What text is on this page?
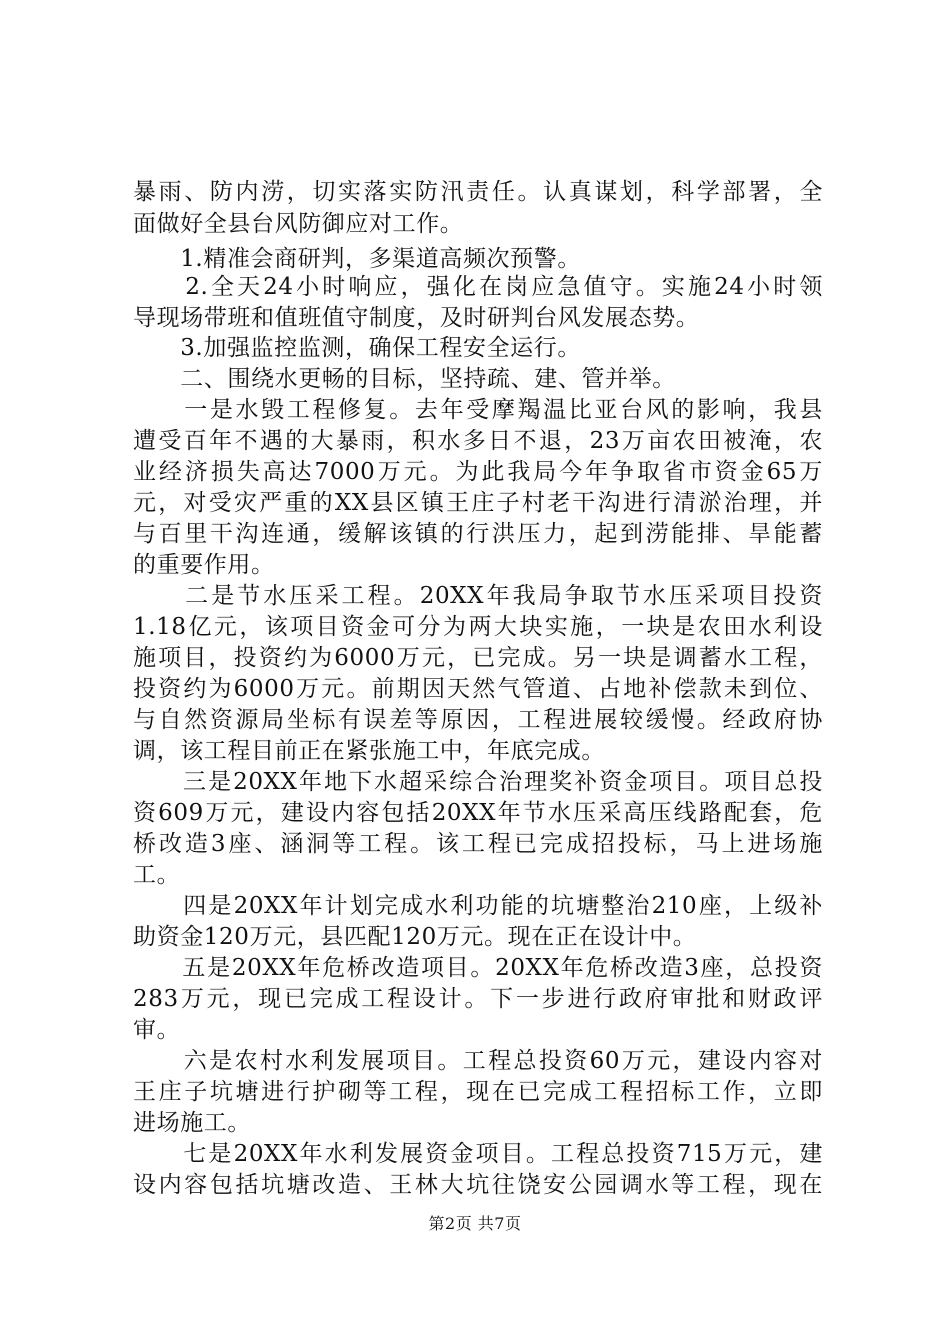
暴雨、防内涝，切实落实防汛责任。认真谋划，科学部署，全
面做好全县台风防御应对工作。
　　1.精准会商研判，多渠道高频次预警。
　　2.全天24小时响应，强化在岗应急值守。实施24小时领
导现场带班和值班值守制度，及时研判台风发展态势。
　　3.加强监控监测，确保工程安全运行。
　　二、围绕水更畅的目标，坚持疏、建、管并举。
　　一是水毁工程修复。去年受摩羯温比亚台风的影响，我县
遭受百年不遇的大暴雨，积水多日不退，23万亩农田被淹，农
业经济损失高达7000万元。为此我局今年争取省市资金65万
元，对受灾严重的XX县区镇王庄子村老干沟进行清淤治理，并
与百里干沟连通，缓解该镇的行洪压力，起到涝能排、旱能蓄
的重要作用。
　　二是节水压采工程。20XX年我局争取节水压采项目投资
1.18亿元，该项目资金可分为两大块实施，一块是农田水利设
施项目，投资约为6000万元，已完成。另一块是调蓄水工程，
投资约为6000万元。前期因天然气管道、占地补偿款未到位、
与自然资源局坐标有误差等原因，工程进展较缓慢。经政府协
调，该工程目前正在紧张施工中，年底完成。
　　三是20XX年地下水超采综合治理奖补资金项目。项目总投
资609万元，建设内容包括20XX年节水压采高压线路配套，危
桥改造3座、涵洞等工程。该工程已完成招投标，马上进场施
工。
　　四是20XX年计划完成水利功能的坑塘整治210座，上级补
助资金120万元，县匹配120万元。现在正在设计中。
　　五是20XX年危桥改造项目。20XX年危桥改造3座，总投资
283万元，现已完成工程设计。下一步进行政府审批和财政评
审。
　　六是农村水利发展项目。工程总投资60万元，建设内容对
王庄子坑塘进行护砌等工程，现在已完成工程招标工作，立即
进场施工。
　　七是20XX年水利发展资金项目。工程总投资715万元，建
设内容包括坑塘改造、王林大坑往饶安公园调水等工程，现在
第2页 共7页
